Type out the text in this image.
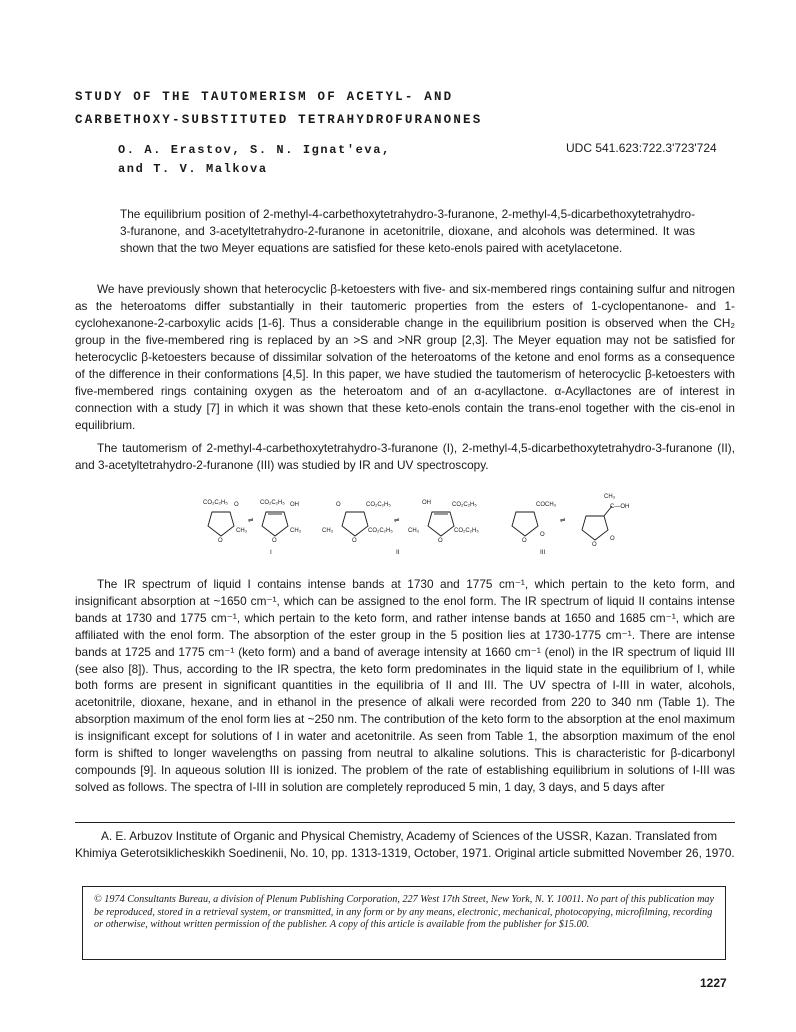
STUDY OF THE TAUTOMERISM OF ACETYL- AND
CARBETHOXY-SUBSTITUTED TETRAHYDROFURANONES
O. A. Erastov, S. N. Ignat'eva,
and T. V. Malkova
UDC 541.623:722.3'723'724

The equilibrium position of 2-methyl-4-carbethoxytetrahydro-3-furanone, 2-methyl-4,5-dicarbethoxytetrahydro-3-furanone, and 3-acetyltetrahydro-2-furanone in acetonitrile, dioxane, and alcohols was determined. It was shown that the two Meyer equations are satisfied for these keto-enols paired with acetylacetone.

We have previously shown that heterocyclic β-ketoesters with five- and six-membered rings containing sulfur and nitrogen as the heteroatoms differ substantially in their tautomeric properties from the esters of 1-cyclopentanone- and 1-cyclohexanone-2-carboxylic acids [1-6]. Thus a considerable change in the equilibrium position is observed when the CH₂ group in the five-membered ring is replaced by an >S and >NR group [2,3]. The Meyer equation may not be satisfied for heterocyclic β-ketoesters because of dissimilar solvation of the heteroatoms of the ketone and enol forms as a consequence of the difference in their conformations [4,5]. In this paper, we have studied the tautomerism of heterocyclic β-ketoesters with five-membered rings containing oxygen as the heteroatom and of an α-acyllactone. α-Acyllactones are of interest in connection with a study [7] in which it was shown that these keto-enols contain the trans-enol together with the cis-enol in equilibrium.

The tautomerism of 2-methyl-4-carbethoxytetrahydro-3-furanone (I), 2-methyl-4,5-dicarbethoxytetrahydro-3-furanone (II), and 3-acetyltetrahydro-2-furanone (III) was studied by IR and UV spectroscopy.

CO₂C₂H₅ O
CH₃
O
⇌
CO₂C₂H₅ OH
CH₃
O
I
O	CO₂C₂H₅
CH₃	CO₂C₂H₅
O
⇌
OH	CO₂C₂H₅
CH₃	CO₂C₂H₅
O
II
COCH₃
O
O
⇌
CH₃
C—OH
O
O
III

The IR spectrum of liquid I contains intense bands at 1730 and 1775 cm⁻¹, which pertain to the keto form, and insignificant absorption at ~1650 cm⁻¹, which can be assigned to the enol form. The IR spectrum of liquid II contains intense bands at 1730 and 1775 cm⁻¹, which pertain to the keto form, and rather intense bands at 1650 and 1685 cm⁻¹, which are affiliated with the enol form. The absorption of the ester group in the 5 position lies at 1730-1775 cm⁻¹. There are intense bands at 1725 and 1775 cm⁻¹ (keto form) and a band of average intensity at 1660 cm⁻¹ (enol) in the IR spectrum of liquid III (see also [8]). Thus, according to the IR spectra, the keto form predominates in the liquid state in the equilibrium of I, while both forms are present in significant quantities in the equilibria of II and III. The UV spectra of I-III in water, alcohols, acetonitrile, dioxane, hexane, and in ethanol in the presence of alkali were recorded from 220 to 340 nm (Table 1). The absorption maximum of the enol form lies at ~250 nm. The contribution of the keto form to the absorption at the enol maximum is insignificant except for solutions of I in water and acetonitrile. As seen from Table 1, the absorption maximum of the enol form is shifted to longer wavelengths on passing from neutral to alkaline solutions. This is characteristic for β-dicarbonyl compounds [9]. In aqueous solution III is ionized. The problem of the rate of establishing equilibrium in solutions of I-III was solved as follows. The spectra of I-III in solution are completely reproduced 5 min, 1 day, 3 days, and 5 days after

A. E. Arbuzov Institute of Organic and Physical Chemistry, Academy of Sciences of the USSR, Kazan. Translated from Khimiya Geterotsiklicheskikh Soedinenii, No. 10, pp. 1313-1319, October, 1971. Original article submitted November 26, 1970.

© 1974 Consultants Bureau, a division of Plenum Publishing Corporation, 227 West 17th Street, New York, N. Y. 10011. No part of this publication may be reproduced, stored in a retrieval system, or transmitted, in any form or by any means, electronic, mechanical, photocopying, microfilming, recording or otherwise, without written permission of the publisher. A copy of this article is available from the publisher for $15.00.

1227
